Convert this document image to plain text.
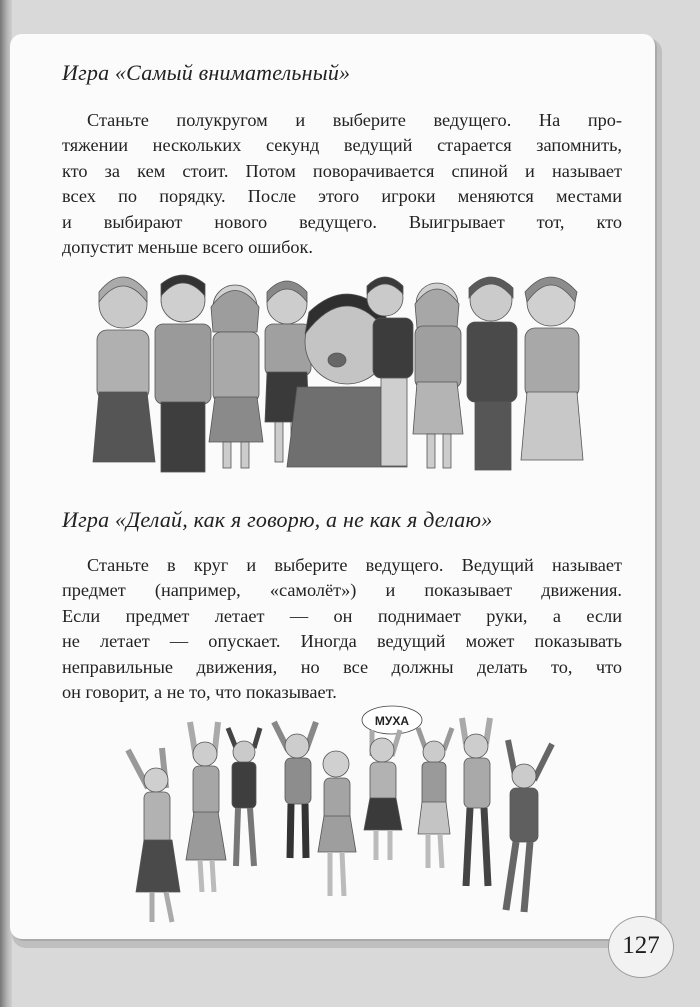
Игра «Самый внимательный»
Станьте полукругом и выберите ведущего. На про-
тяжении нескольких секунд ведущий старается запомнить,
кто за кем стоит. Потом поворачивается спиной и называет
всех по порядку. После этого игроки меняются местами
и выбирают нового ведущего. Выигрывает тот, кто
допустит меньше всего ошибок.
Игра «Делай, как я говорю, а не как я делаю»
Станьте в круг и выберите ведущего. Ведущий называет
предмет (например, «самолёт») и показывает движения.
Если предмет летает — он поднимает руки, а если
не летает — опускает. Иногда ведущий может показывать
неправильные движения, но все должны делать то, что
он говорит, а не то, что показывает.
МУХА
127
